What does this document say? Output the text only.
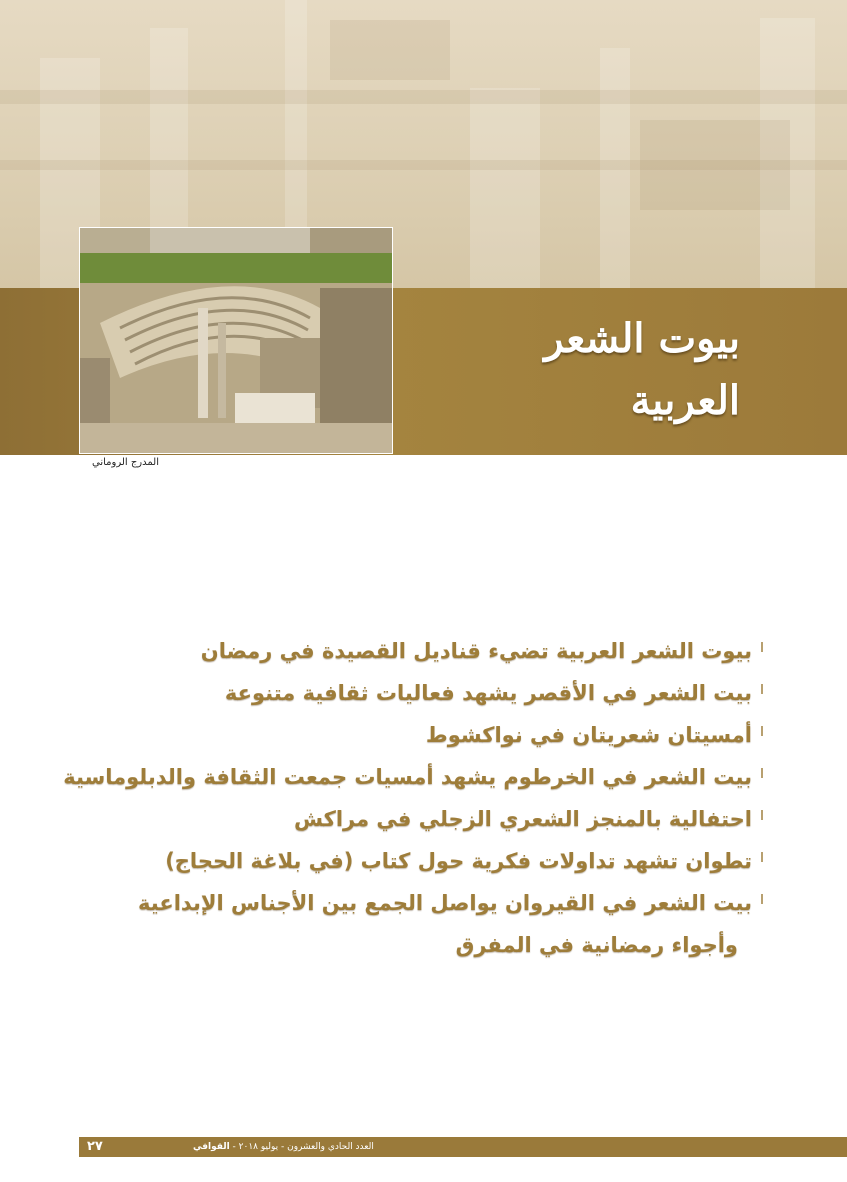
المدرج الروماني
بيوت الشعر
العربية
بيوت الشعر العربية تضيء قناديل القصيدة في رمضان
بيت الشعر في الأقصر يشهد فعاليات ثقافية متنوعة
أمسيتان شعريتان في نواكشوط
بيت الشعر في الخرطوم يشهد أمسيات جمعت الثقافة والدبلوماسية
احتفالية بالمنجز الشعري الزجلي في مراكش
تطوان تشهد تداولات فكرية حول كتاب (في بلاغة الحجاج)
بيت الشعر في القيروان يواصل الجمع بين الأجناس الإبداعية
وأجواء رمضانية في المفرق
٢٧	العدد الحادي والعشرون - يوليو ٢٠١٨ - القوافي
